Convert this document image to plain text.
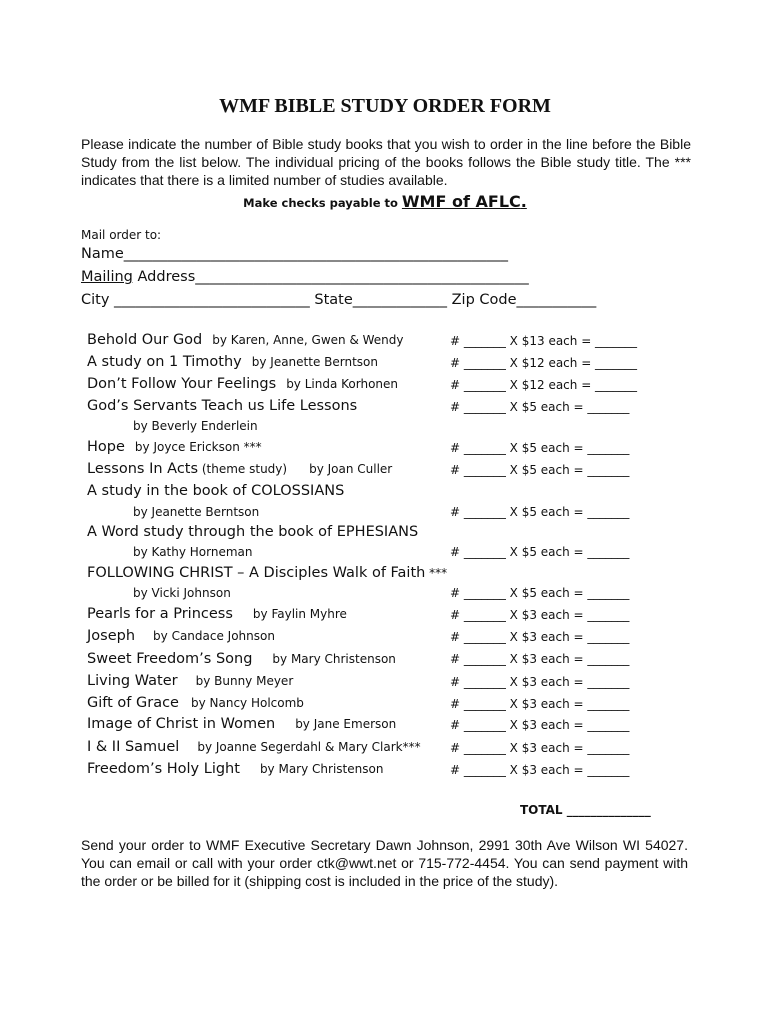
WMF BIBLE STUDY ORDER FORM
Please indicate the number of Bible study books that you wish to order in the line before the Bible Study from the list below. The individual pricing of the books follows the Bible study title. The *** indicates that there is a limited number of studies available.
Make checks payable to WMF of AFLC.
Mail order to:
Name_____________________________________________________
Mailing Address______________________________________________
City ___________________________ State_____________ Zip Code___________
Behold Our God by Karen, Anne, Gwen & Wendy	# _______ X $13 each = _______
A study on 1 Timothy by Jeanette Berntson	# _______ X $12 each = _______
Don’t Follow Your Feelings by Linda Korhonen	# _______ X $12 each = _______
God’s Servants Teach us Life Lessons	# _______ X $5 each = _______
by Beverly Enderlein
Hope by Joyce Erickson ***	# _______ X $5 each = _______
Lessons In Acts (theme study) by Joan Culler	# _______ X $5 each = _______
A study in the book of COLOSSIANS
by Jeanette Berntson	# _______ X $5 each = _______
A Word study through the book of EPHESIANS
by Kathy Horneman	# _______ X $5 each = _______
FOLLOWING CHRIST – A Disciples Walk of Faith ***
by Vicki Johnson	# _______ X $5 each = _______
Pearls for a Princess by Faylin Myhre	# _______ X $3 each = _______
Joseph by Candace Johnson	# _______ X $3 each = _______
Sweet Freedom’s Song by Mary Christenson	# _______ X $3 each = _______
Living Water by Bunny Meyer	# _______ X $3 each = _______
Gift of Grace by Nancy Holcomb	# _______ X $3 each = _______
Image of Christ in Women by Jane Emerson	# _______ X $3 each = _______
I & II Samuel by Joanne Segerdahl & Mary Clark*** # _______ X $3 each = _______
Freedom’s Holy Light by Mary Christenson	# _______ X $3 each = _______
TOTAL ______________
Send your order to WMF Executive Secretary Dawn Johnson, 2991 30th Ave Wilson WI 54027. You can email or call with your order ctk@wwt.net or 715-772-4454. You can send payment with the order or be billed for it (shipping cost is included in the price of the study).
